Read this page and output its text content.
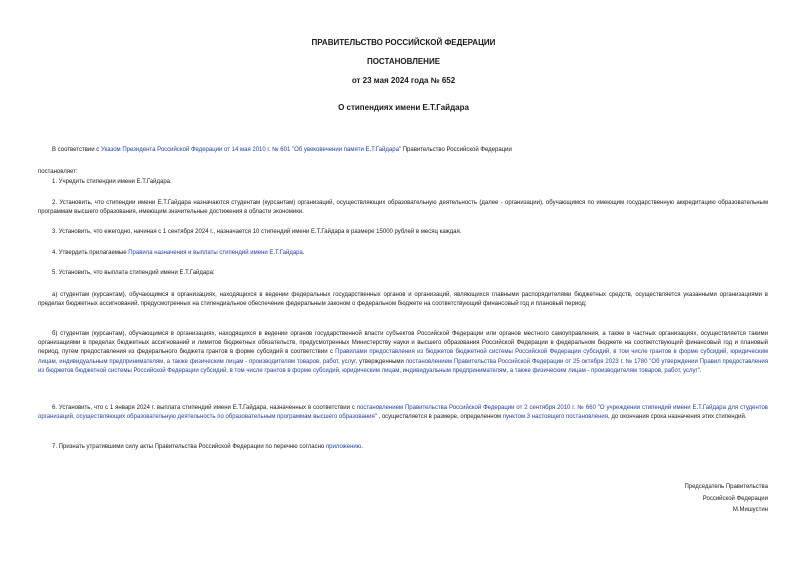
ПРАВИТЕЛЬСТВО РОССИЙСКОЙ ФЕДЕРАЦИИ
ПОСТАНОВЛЕНИЕ
от 23 мая 2024 года № 652
О стипендиях имени Е.Т.Гайдара
В соответствии с Указом Президента Российской Федерации от 14 мая 2010 г. № 601 "Об увековечении памяти Е.Т.Гайдара" Правительство Российской Федерации
постановляет:
1. Учредить стипендии имени Е.Т.Гайдара.
2. Установить, что стипендии имени Е.Т.Гайдара назначаются студентам (курсантам) организаций, осуществляющих образовательную деятельность (далее - организации), обучающимся по имеющим государственную аккредитацию образовательным программам высшего образования, имеющим значительные достижения в области экономики.
3. Установить, что ежегодно, начиная с 1 сентября 2024 г., назначается 10 стипендий имени Е.Т.Гайдара в размере 15000 рублей в месяц каждая.
4. Утвердить прилагаемые Правила назначения и выплаты стипендий имени Е.Т.Гайдара.
5. Установить, что выплата стипендий имени Е.Т.Гайдара:
а) студентам (курсантам), обучающимся в организациях, находящихся в ведении федеральных государственных органов и организаций, являющихся главными распорядителями бюджетных средств, осуществляется указанными организациями в пределах бюджетных ассигнований, предусмотренных на стипендиальное обеспечение федеральным законом о федеральном бюджете на соответствующий финансовый год и плановый период;
б) студентам (курсантам), обучающимся в организациях, находящихся в ведении органов государственной власти субъектов Российской Федерации или органов местного самоуправления, а также в частных организациях, осуществляется такими организациями в пределах бюджетных ассигнований и лимитов бюджетных обязательств, предусмотренных Министерству науки и высшего образования Российской Федерации в федеральном бюджете на соответствующий финансовый год и плановый период, путем предоставления из федерального бюджета грантов в форме субсидий в соответствии с Правилами предоставления из бюджетов бюджетной системы Российской Федерации субсидий, в том числе грантов в форме субсидий, юридическим лицам, индивидуальным предпринимателям, а также физическим лицам - производителям товаров, работ, услуг, утвержденными постановлением Правительства Российской Федерации от 25 октября 2023 г. № 1780 "Об утверждении Правил предоставления из бюджетов бюджетной системы Российской Федерации субсидий, в том числе грантов в форме субсидий, юридическим лицам, индивидуальным предпринимателям, а также физическим лицам - производителям товаров, работ, услуг".
6. Установить, что с 1 января 2024 г. выплата стипендий имени Е.Т.Гайдара, назначенных в соответствии с постановлением Правительства Российской Федерации от 2 сентября 2010 г. № 660 "О учреждении стипендий имени Е.Т.Гайдара для студентов организаций, осуществляющих образовательную деятельность по образовательным программам высшего образования" , осуществляется в размере, определенном пунктом 3 настоящего постановления, до окончания срока назначения этих стипендий.
7. Признать утратившими силу акты Правительства Российской Федерации по перечню согласно приложению.
Председатель Правительства
Российской Федерации
М.Мишустин
